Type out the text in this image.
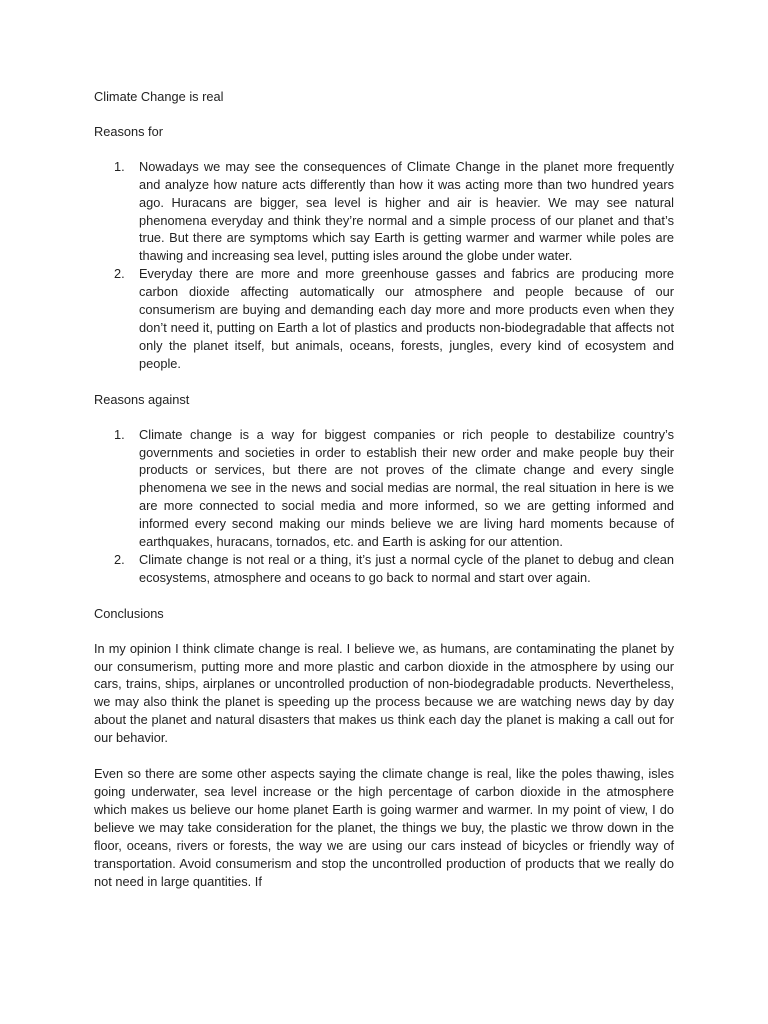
Climate Change is real

Reasons for

Nowadays we may see the consequences of Climate Change in the planet more frequently and analyze how nature acts differently than how it was acting more than two hundred years ago. Huracans are bigger, sea level is higher and air is heavier. We may see natural phenomena everyday and think they’re normal and a simple process of our planet and that’s true. But there are symptoms which say Earth is getting warmer and warmer while poles are thawing and increasing sea level, putting isles around the globe under water.
Everyday there are more and more greenhouse gasses and fabrics are producing more carbon dioxide affecting automatically our atmosphere and people because of our consumerism are buying and demanding each day more and more products even when they don’t need it, putting on Earth a lot of plastics and products non-biodegradable that affects not only the planet itself, but animals, oceans, forests, jungles, every kind of ecosystem and people.

Reasons against

Climate change is a way for biggest companies or rich people to destabilize country’s governments and societies in order to establish their new order and make people buy their products or services, but there are not proves of the climate change and every single phenomena we see in the news and social medias are normal, the real situation in here is we are more connected to social media and more informed, so we are getting informed and informed every second making our minds believe we are living hard moments because of earthquakes, huracans, tornados, etc. and Earth is asking for our attention.
Climate change is not real or a thing, it’s just a normal cycle of the planet to debug and clean ecosystems, atmosphere and oceans to go back to normal and start over again.

Conclusions

In my opinion I think climate change is real. I believe we, as humans, are contaminating the planet by our consumerism, putting more and more plastic and carbon dioxide in the atmosphere by using our cars, trains, ships, airplanes or uncontrolled production of non-biodegradable products. Nevertheless, we may also think the planet is speeding up the process because we are watching news day by day about the planet and natural disasters that makes us think each day the planet is making a call out for our behavior.

Even so there are some other aspects saying the climate change is real, like the poles thawing, isles going underwater, sea level increase or the high percentage of carbon dioxide in the atmosphere which makes us believe our home planet Earth is going warmer and warmer. In my point of view, I do believe we may take consideration for the planet, the things we buy, the plastic we throw down in the floor, oceans, rivers or forests, the way we are using our cars instead of bicycles or friendly way of transportation. Avoid consumerism and stop the uncontrolled production of products that we really do not need in large quantities. If
